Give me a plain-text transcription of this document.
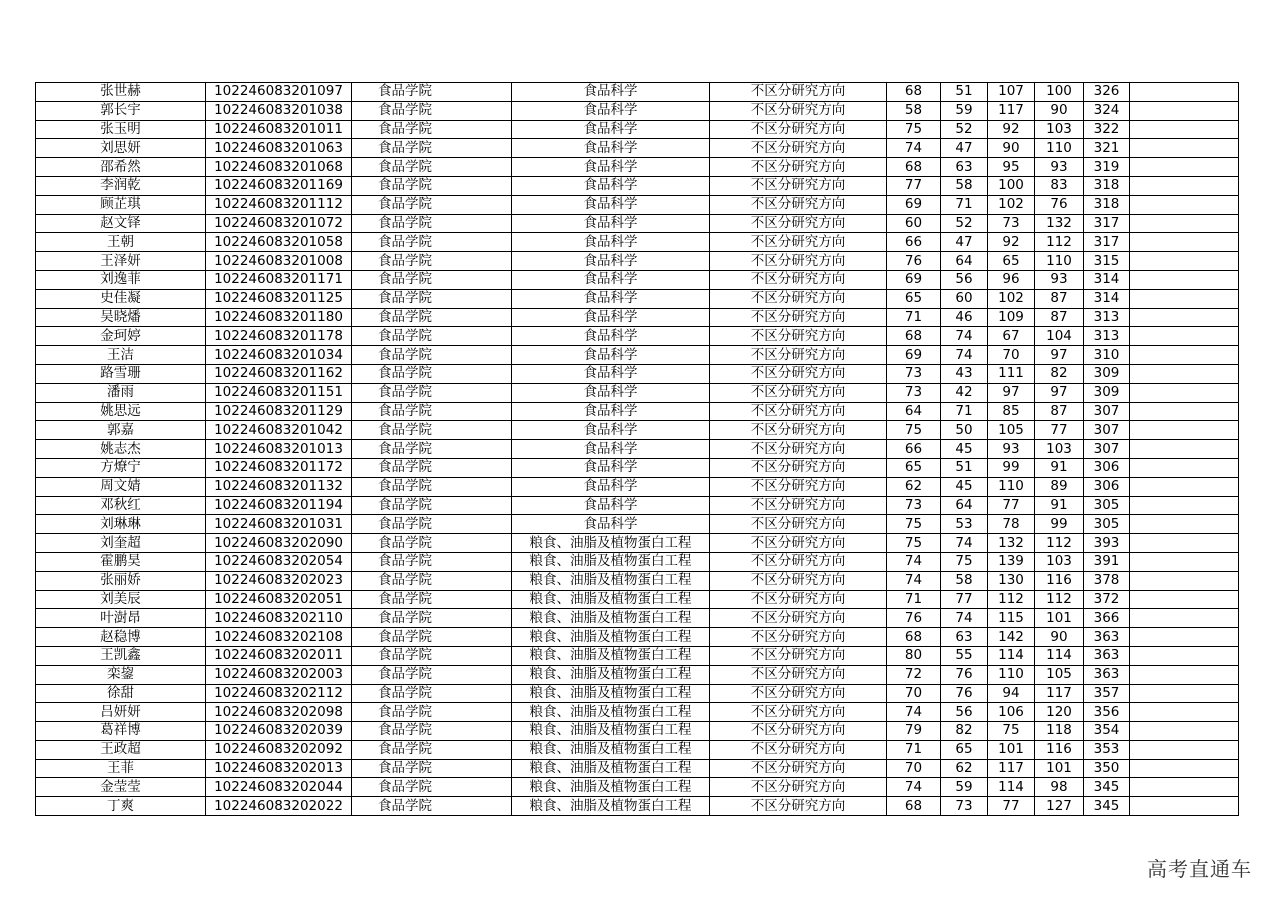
张世赫	102246083201097	食品学院	食品科学	不区分研究方向	68	51	107	100	326	
郭长宇	102246083201038	食品学院	食品科学	不区分研究方向	58	59	117	90	324	
张玉明	102246083201011	食品学院	食品科学	不区分研究方向	75	52	92	103	322	
刘思妍	102246083201063	食品学院	食品科学	不区分研究方向	74	47	90	110	321	
邵希然	102246083201068	食品学院	食品科学	不区分研究方向	68	63	95	93	319	
李润乾	102246083201169	食品学院	食品科学	不区分研究方向	77	58	100	83	318	
顾芷琪	102246083201112	食品学院	食品科学	不区分研究方向	69	71	102	76	318	
赵文铎	102246083201072	食品学院	食品科学	不区分研究方向	60	52	73	132	317	
王朝	102246083201058	食品学院	食品科学	不区分研究方向	66	47	92	112	317	
王泽妍	102246083201008	食品学院	食品科学	不区分研究方向	76	64	65	110	315	
刘逸菲	102246083201171	食品学院	食品科学	不区分研究方向	69	56	96	93	314	
史佳凝	102246083201125	食品学院	食品科学	不区分研究方向	65	60	102	87	314	
吴晓燔	102246083201180	食品学院	食品科学	不区分研究方向	71	46	109	87	313	
金珂婷	102246083201178	食品学院	食品科学	不区分研究方向	68	74	67	104	313	
王洁	102246083201034	食品学院	食品科学	不区分研究方向	69	74	70	97	310	
路雪珊	102246083201162	食品学院	食品科学	不区分研究方向	73	43	111	82	309	
潘雨	102246083201151	食品学院	食品科学	不区分研究方向	73	42	97	97	309	
姚思远	102246083201129	食品学院	食品科学	不区分研究方向	64	71	85	87	307	
郭嘉	102246083201042	食品学院	食品科学	不区分研究方向	75	50	105	77	307	
姚志杰	102246083201013	食品学院	食品科学	不区分研究方向	66	45	93	103	307	
方燎宁	102246083201172	食品学院	食品科学	不区分研究方向	65	51	99	91	306	
周文婧	102246083201132	食品学院	食品科学	不区分研究方向	62	45	110	89	306	
邓秋红	102246083201194	食品学院	食品科学	不区分研究方向	73	64	77	91	305	
刘琳琳	102246083201031	食品学院	食品科学	不区分研究方向	75	53	78	99	305	
刘奎超	102246083202090	食品学院	粮食、油脂及植物蛋白工程	不区分研究方向	75	74	132	112	393	
霍鹏昊	102246083202054	食品学院	粮食、油脂及植物蛋白工程	不区分研究方向	74	75	139	103	391	
张丽娇	102246083202023	食品学院	粮食、油脂及植物蛋白工程	不区分研究方向	74	58	130	116	378	
刘美辰	102246083202051	食品学院	粮食、油脂及植物蛋白工程	不区分研究方向	71	77	112	112	372	
叶澍昂	102246083202110	食品学院	粮食、油脂及植物蛋白工程	不区分研究方向	76	74	115	101	366	
赵稳博	102246083202108	食品学院	粮食、油脂及植物蛋白工程	不区分研究方向	68	63	142	90	363	
王凯鑫	102246083202011	食品学院	粮食、油脂及植物蛋白工程	不区分研究方向	80	55	114	114	363	
栾鋆	102246083202003	食品学院	粮食、油脂及植物蛋白工程	不区分研究方向	72	76	110	105	363	
徐甜	102246083202112	食品学院	粮食、油脂及植物蛋白工程	不区分研究方向	70	76	94	117	357	
吕妍妍	102246083202098	食品学院	粮食、油脂及植物蛋白工程	不区分研究方向	74	56	106	120	356	
葛祥博	102246083202039	食品学院	粮食、油脂及植物蛋白工程	不区分研究方向	79	82	75	118	354	
王政超	102246083202092	食品学院	粮食、油脂及植物蛋白工程	不区分研究方向	71	65	101	116	353	
王菲	102246083202013	食品学院	粮食、油脂及植物蛋白工程	不区分研究方向	70	62	117	101	350	
金莹莹	102246083202044	食品学院	粮食、油脂及植物蛋白工程	不区分研究方向	74	59	114	98	345	
丁爽	102246083202022	食品学院	粮食、油脂及植物蛋白工程	不区分研究方向	68	73	77	127	345	
高考直通车
